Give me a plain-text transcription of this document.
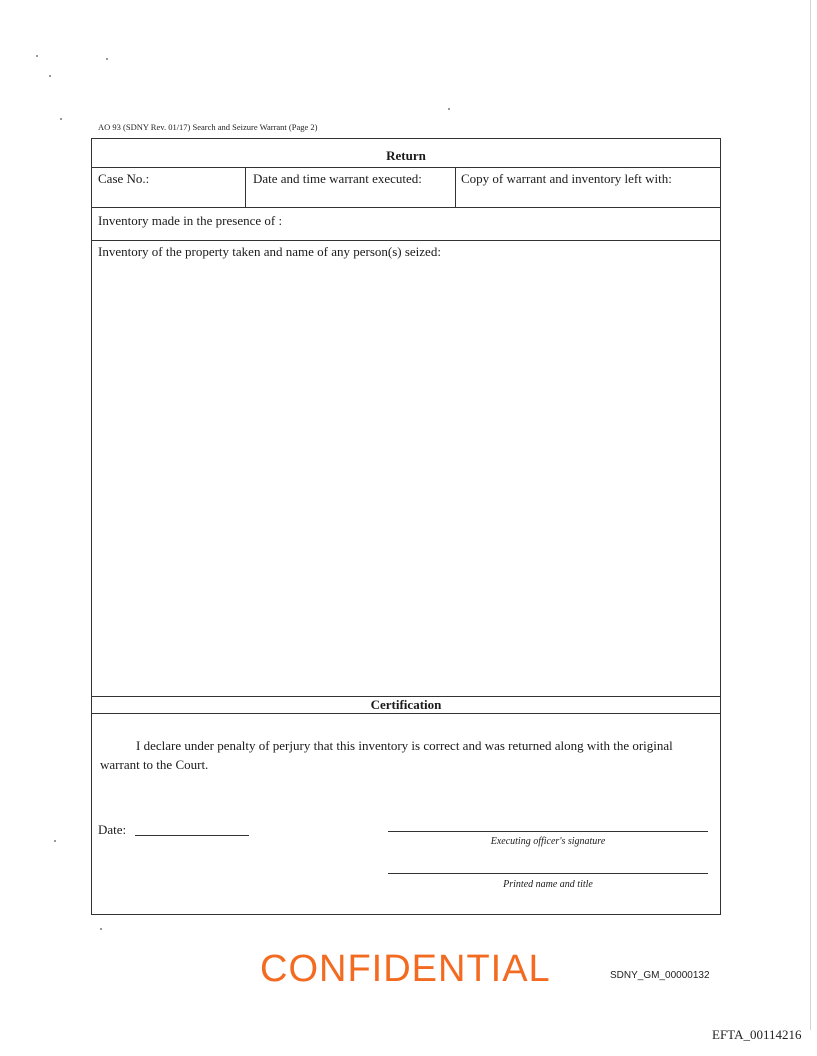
AO 93 (SDNY Rev. 01/17) Search and Seizure Warrant (Page 2)
Return
Case No.:	Date and time warrant executed:	Copy of warrant and inventory left with:
Inventory made in the presence of :
Inventory of the property taken and name of any person(s) seized:
Certification
I declare under penalty of perjury that this inventory is correct and was returned along with the original warrant to the Court.
Date:
Executing officer's signature
Printed name and title
CONFIDENTIAL	SDNY_GM_00000132
EFTA_00114216
